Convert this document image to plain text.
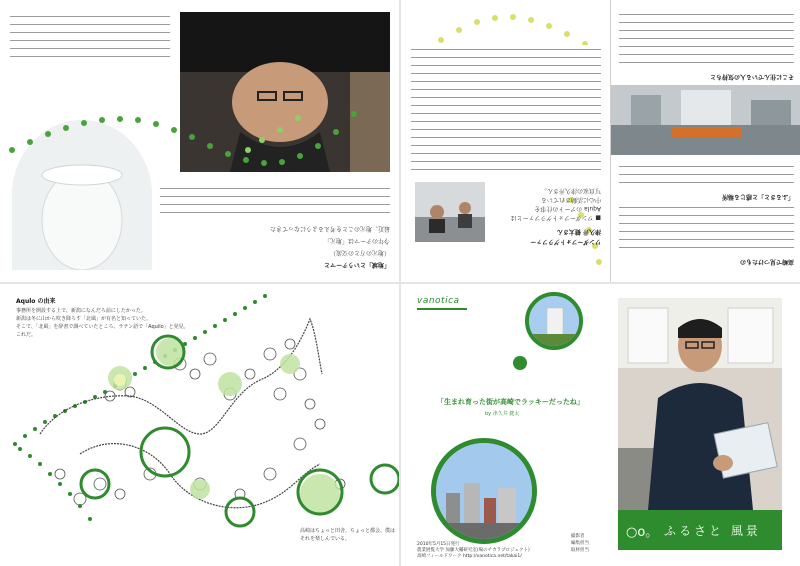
「地域」というテーマと
（地元の方との交流）
今年のテーマは「地元」
最近、地元のことを考えるようになってきた
ワンダーフォトグラファー
津久井 健太さん
■ ワンダーフォトグラファーとは
Aqula のアートの仕事を
中心に活動されている
写真家の津久井さん。
そこに住んでいる人の気持ちと
「ふるさと」と感じる場所
高崎で見つけたもの
Aqulo の由来
事務所を開設する上で、新潟になんだろ前にしたかった。
新潟は冬に山から吹き降ろす「北風」が有名と知っていた。
そこで、「北風」を辞書で調べていたところ、ラテン語で「Aquilo」と発見。
これだ。
高崎はちょっと田舎、ちょっと都会。僕は
それを楽しんでいる。
vanotica
「生まれ育った街が高崎でラッキーだったね」
by 津久井 健太
2010年5月15日発行
農業展覧大学 加藤大輔研究室(場のチカラプロジェクト)
高崎フィールドワーク http://vanotica.net/takai1/
撮影者
編集担当
取材担当
○o。 ふるさと 風景
